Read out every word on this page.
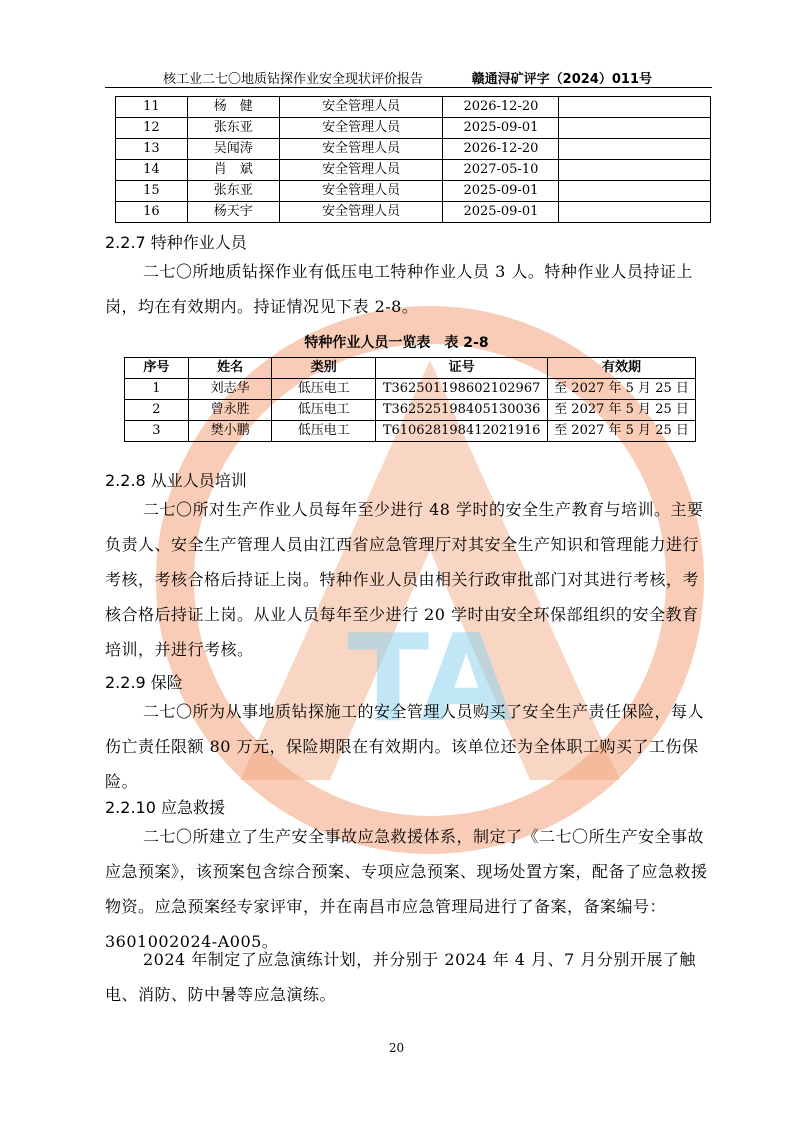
TA
核工业二七〇地质钻探作业安全现状评价报告	赣通浔矿评字（2024）011号
11	杨　健	安全管理人员	2026-12-20	
12	张东亚	安全管理人员	2025-09-01	
13	吴闻涛	安全管理人员	2026-12-20	
14	肖　斌	安全管理人员	2027-05-10	
15	张东亚	安全管理人员	2025-09-01	
16	杨天宇	安全管理人员	2025-09-01	
2.2.7 特种作业人员
二七〇所地质钻探作业有低压电工特种作业人员 3 人。特种作业人员持证上岗，均在有效期内。持证情况见下表 2-8。
特种作业人员一览表　表 2-8
序号	姓名	类别	证号	有效期
1	刘志华	低压电工	T362501198602102967	至 2027 年 5 月 25 日
2	曾永胜	低压电工	T362525198405130036	至 2027 年 5 月 25 日
3	樊小鹏	低压电工	T610628198412021916	至 2027 年 5 月 25 日
2.2.8 从业人员培训
二七〇所对生产作业人员每年至少进行 48 学时的安全生产教育与培训。主要负责人、安全生产管理人员由江西省应急管理厅对其安全生产知识和管理能力进行考核，考核合格后持证上岗。特种作业人员由相关行政审批部门对其进行考核，考核合格后持证上岗。从业人员每年至少进行 20 学时由安全环保部组织的安全教育培训，并进行考核。
2.2.9 保险
二七〇所为从事地质钻探施工的安全管理人员购买了安全生产责任保险，每人伤亡责任限额 80 万元，保险期限在有效期内。该单位还为全体职工购买了工伤保险。
2.2.10 应急救援
二七〇所建立了生产安全事故应急救援体系，制定了《二七〇所生产安全事故应急预案》，该预案包含综合预案、专项应急预案、现场处置方案，配备了应急救援物资。应急预案经专家评审，并在南昌市应急管理局进行了备案，备案编号：3601002024-A005。
2024 年制定了应急演练计划，并分别于 2024 年 4 月、7 月分别开展了触电、消防、防中暑等应急演练。
20
